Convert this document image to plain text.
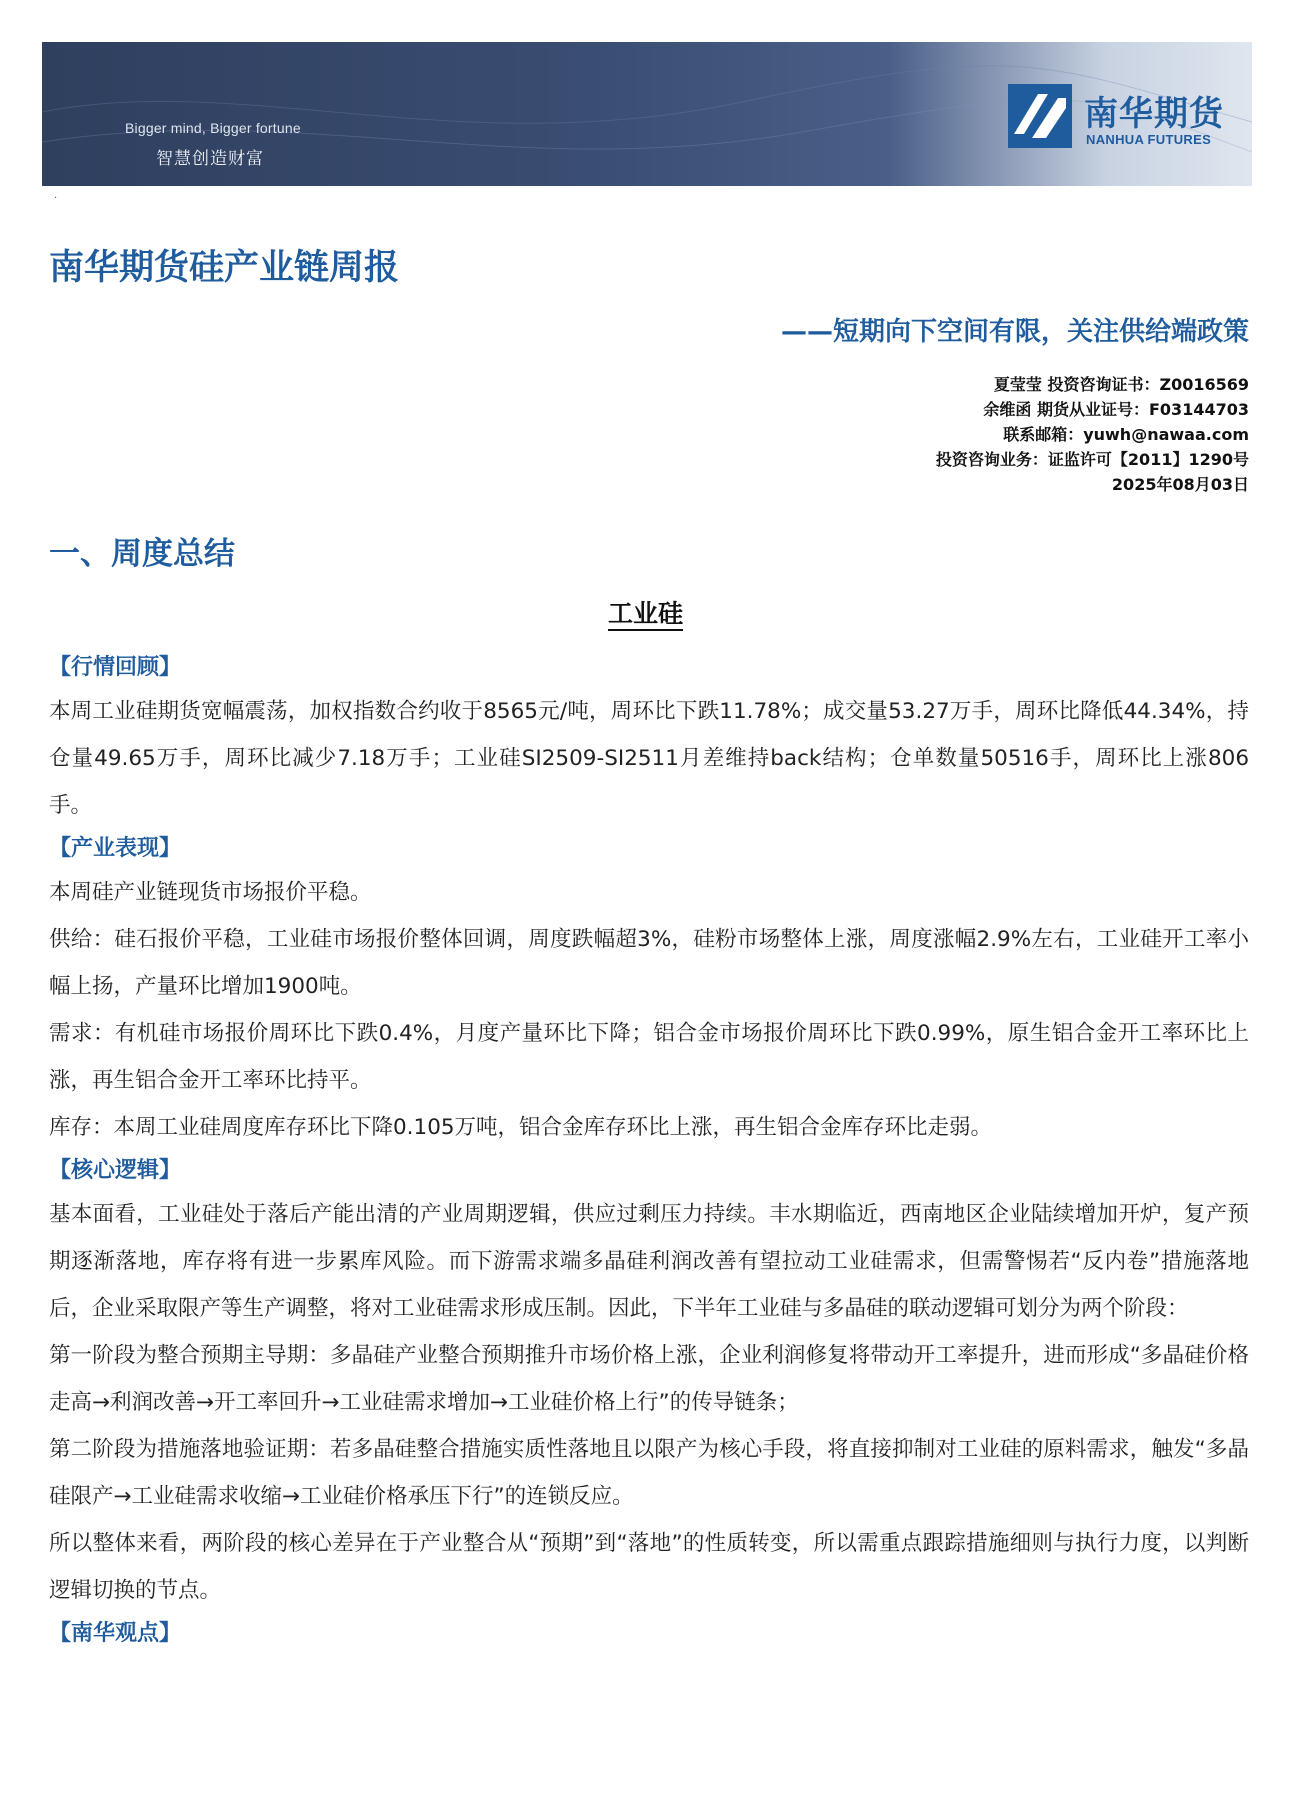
Bigger mind, Bigger fortune
智慧创造财富
南华期货
NANHUA FUTURES
·
南华期货硅产业链周报
——短期向下空间有限，关注供给端政策
夏莹莹 投资咨询证书：Z0016569
余维函 期货从业证号：F03144703
联系邮箱：yuwh@nawaa.com
投资咨询业务：证监许可【2011】1290号
2025年08月03日
一、周度总结
工业硅
【行情回顾】

本周工业硅期货宽幅震荡，加权指数合约收于8565元/吨，周环比下跌11.78%；成交量53.27万手，周环比降低44.34%，持仓量49.65万手，周环比减少7.18万手；工业硅SI2509-SI2511月差维持back结构；仓单数量50516手，周环比上涨806手。

【产业表现】

本周硅产业链现货市场报价平稳。

供给：硅石报价平稳，工业硅市场报价整体回调，周度跌幅超3%，硅粉市场整体上涨，周度涨幅2.9%左右，工业硅开工率小幅上扬，产量环比增加1900吨。

需求：有机硅市场报价周环比下跌0.4%，月度产量环比下降；铝合金市场报价周环比下跌0.99%，原生铝合金开工率环比上涨，再生铝合金开工率环比持平。

库存：本周工业硅周度库存环比下降0.105万吨，铝合金库存环比上涨，再生铝合金库存环比走弱。

【核心逻辑】

基本面看，工业硅处于落后产能出清的产业周期逻辑，供应过剩压力持续。丰水期临近，西南地区企业陆续增加开炉，复产预期逐渐落地，库存将有进一步累库风险。而下游需求端多晶硅利润改善有望拉动工业硅需求，但需警惕若“反内卷”措施落地后，企业采取限产等生产调整，将对工业硅需求形成压制。因此，下半年工业硅与多晶硅的联动逻辑可划分为两个阶段：

第一阶段为整合预期主导期：多晶硅产业整合预期推升市场价格上涨，企业利润修复将带动开工率提升，进而形成“多晶硅价格走高→利润改善→开工率回升→工业硅需求增加→工业硅价格上行”的传导链条；

第二阶段为措施落地验证期：若多晶硅整合措施实质性落地且以限产为核心手段，将直接抑制对工业硅的原料需求，触发“多晶硅限产→工业硅需求收缩→工业硅价格承压下行”的连锁反应。

所以整体来看，两阶段的核心差异在于产业整合从“预期”到“落地”的性质转变，所以需重点跟踪措施细则与执行力度，以判断逻辑切换的节点。

【南华观点】
